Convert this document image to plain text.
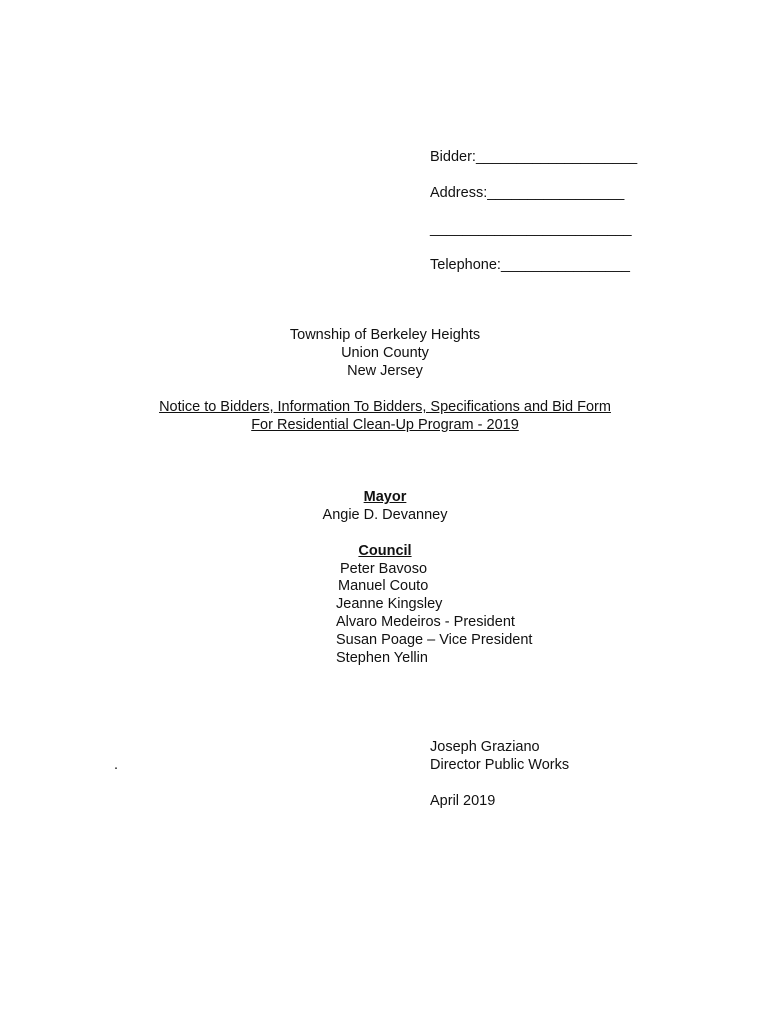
Bidder:____________________
Address:_________________
_________________________
Telephone:________________
Township of Berkeley Heights
Union County
New Jersey
Notice to Bidders, Information To Bidders, Specifications and Bid Form
For Residential Clean-Up Program - 2019
Mayor
Angie D. Devanney
Council
Peter Bavoso
Manuel Couto
Jeanne Kingsley
Alvaro Medeiros - President
Susan Poage – Vice President
Stephen Yellin
Joseph Graziano
.	Director Public Works
April 2019
